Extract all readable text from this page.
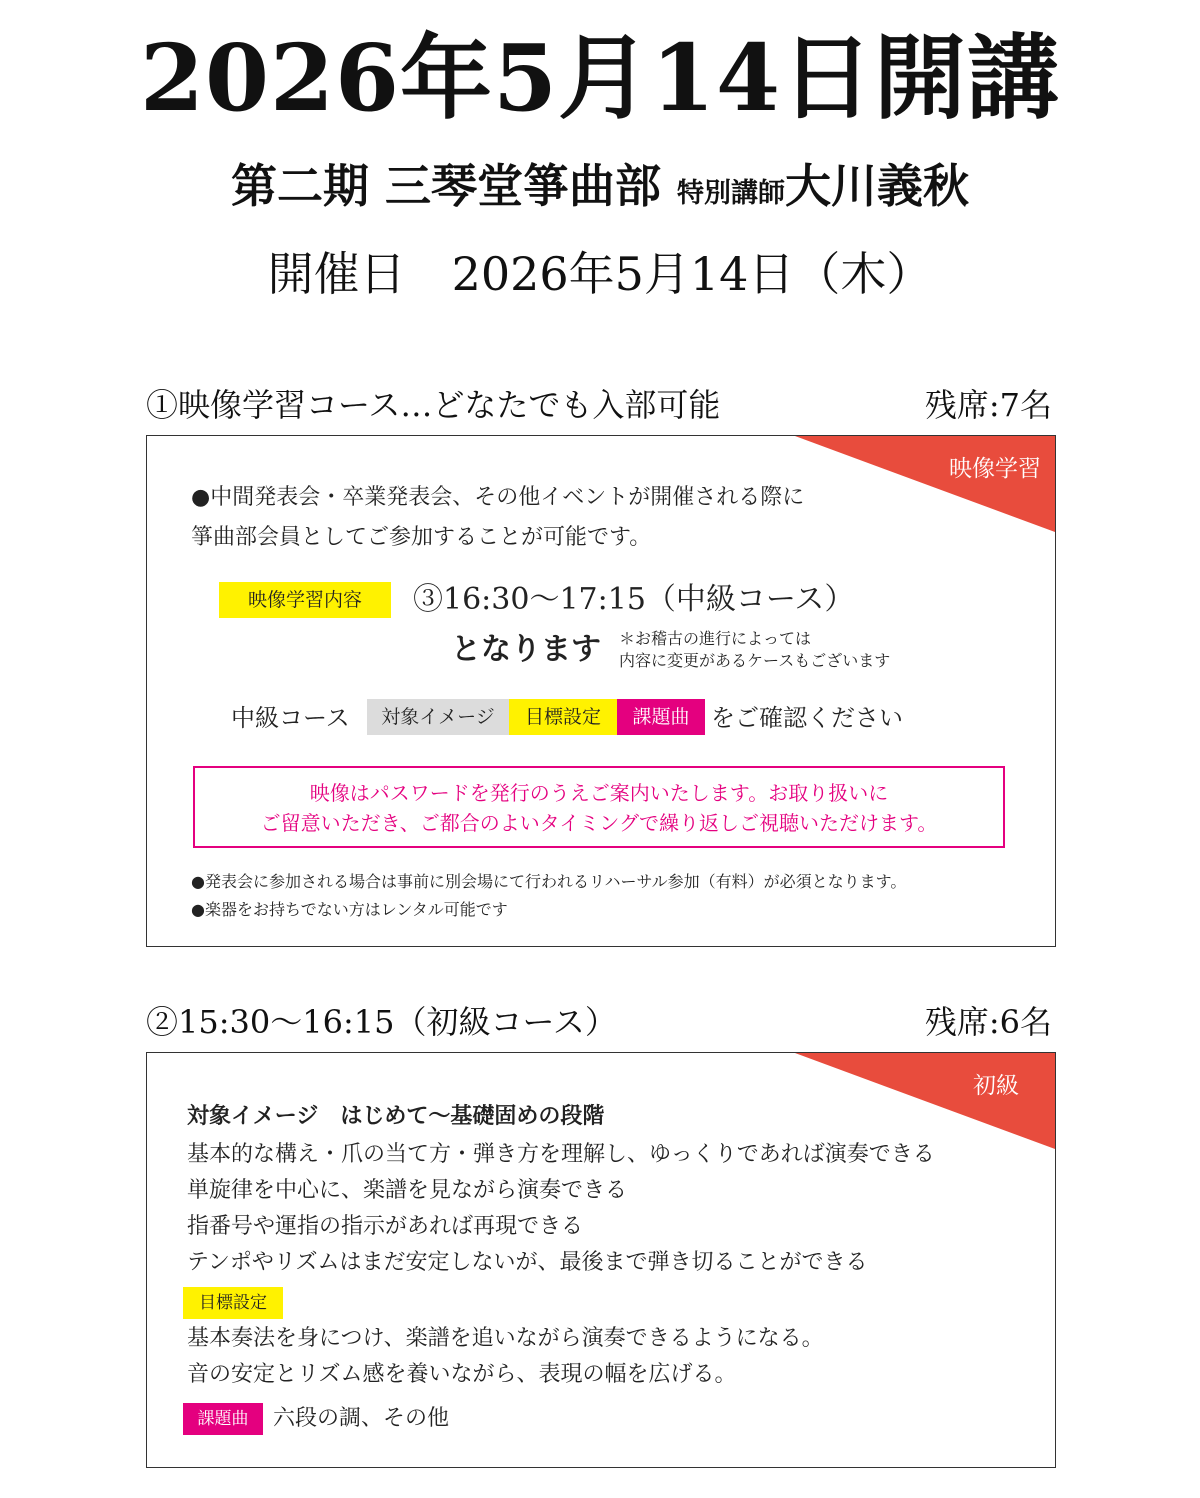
2026年5月14日開講
第二期 三琴堂箏曲部 特別講師大川義秋
開催日　2026年5月14日（木）
①映像学習コース…どなたでも入部可能	残席:7名
映像学習
●中間発表会・卒業発表会、その他イベントが開催される際に
箏曲部会員としてご参加することが可能です。
映像学習内容	③16:30〜17:15（中級コース）
となります ＊お稽古の進行によっては
内容に変更があるケースもございます
中級コース	対象イメージ	目標設定	課題曲 をご確認ください
映像はパスワードを発行のうえご案内いたします。お取り扱いに
ご留意いただき、ご都合のよいタイミングで繰り返しご視聴いただけます。
●発表会に参加される場合は事前に別会場にて行われるリハーサル参加（有料）が必須となります。
●楽器をお持ちでない方はレンタル可能です
②15:30〜16:15（初級コース）	残席:6名
初級
対象イメージ　はじめて〜基礎固めの段階
基本的な構え・爪の当て方・弾き方を理解し、ゆっくりであれば演奏できる
単旋律を中心に、楽譜を見ながら演奏できる
指番号や運指の指示があれば再現できる
テンポやリズムはまだ安定しないが、最後まで弾き切ることができる
目標設定
基本奏法を身につけ、楽譜を追いながら演奏できるようになる。
音の安定とリズム感を養いながら、表現の幅を広げる。
課題曲	六段の調、その他
